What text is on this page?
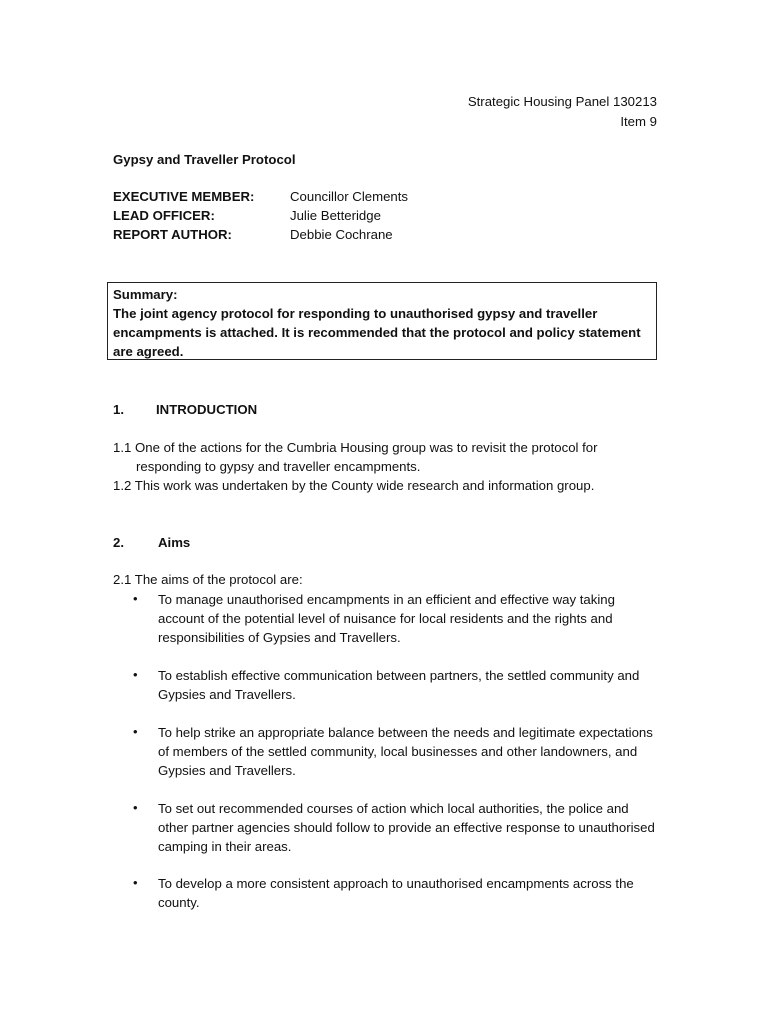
Strategic Housing Panel 130213
Item 9
Gypsy and Traveller Protocol
EXECUTIVE MEMBER:	Councillor Clements
LEAD OFFICER:	Julie Betteridge
REPORT AUTHOR:	Debbie Cochrane
Summary:
The joint agency protocol for responding to unauthorised gypsy and traveller encampments is attached. It is recommended that the protocol and policy statement are agreed.
1. INTRODUCTION
1.1 One of the actions for the Cumbria Housing group was to revisit the protocol for
responding to gypsy and traveller encampments.
1.2 This work was undertaken by the County wide research and information group.
2.	Aims
2.1 The aims of the protocol are:
• To manage unauthorised encampments in an efficient and effective way taking account of the potential level of nuisance for local residents and the rights and responsibilities of Gypsies and Travellers.
• To establish effective communication between partners, the settled community and Gypsies and Travellers.
• To help strike an appropriate balance between the needs and legitimate expectations of members of the settled community, local businesses and other landowners, and Gypsies and Travellers.
• To set out recommended courses of action which local authorities, the police and other partner agencies should follow to provide an effective response to unauthorised camping in their areas.
• To develop a more consistent approach to unauthorised encampments across the county.
